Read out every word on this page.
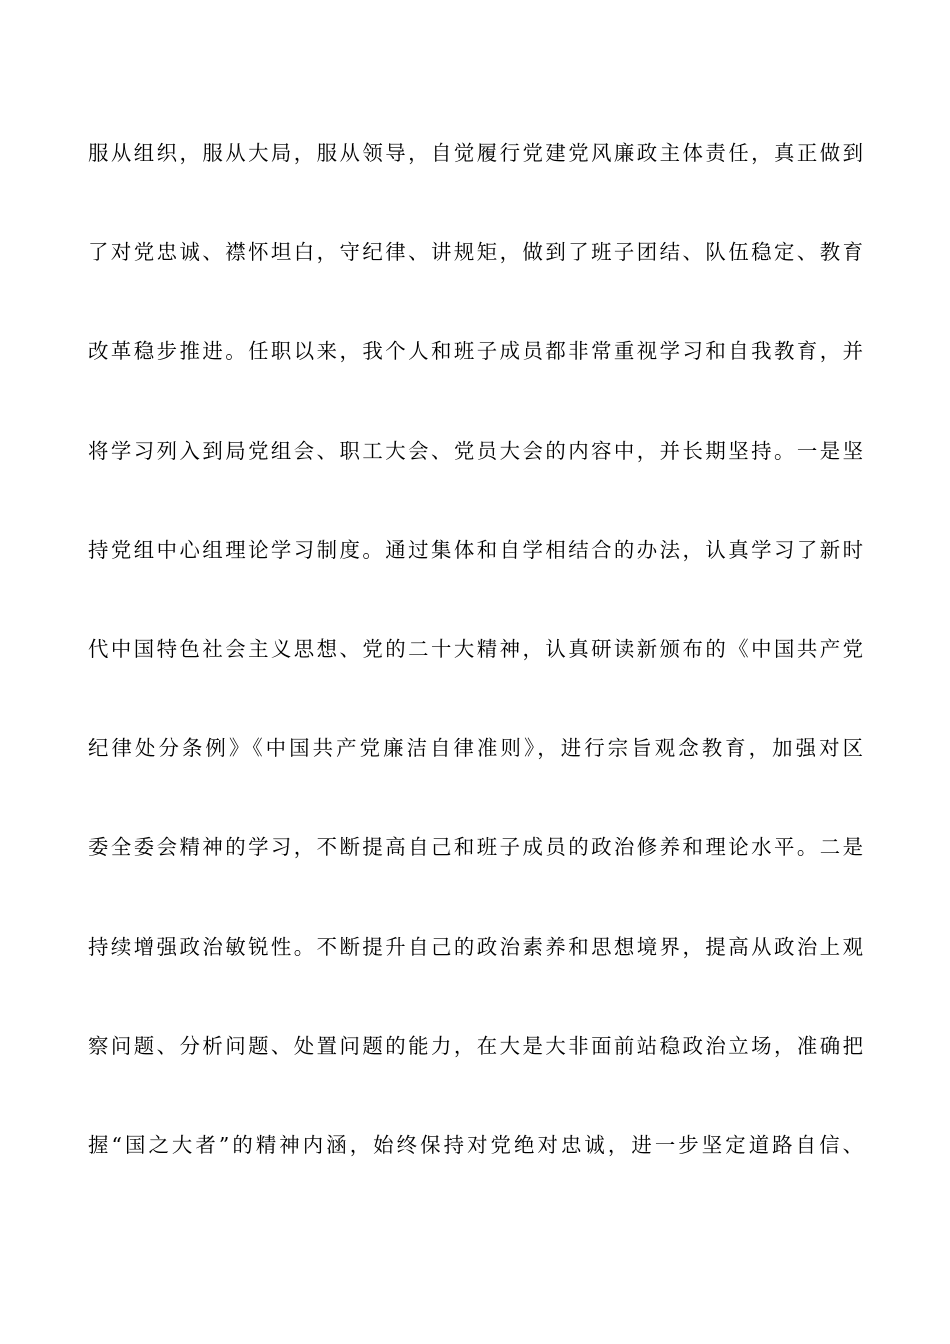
服从组织，服从大局，服从领导，自觉履行党建党风廉政主体责任，真正做到
了对党忠诚、襟怀坦白，守纪律、讲规矩，做到了班子团结、队伍稳定、教育
改革稳步推进。任职以来，我个人和班子成员都非常重视学习和自我教育，并
将学习列入到局党组会、职工大会、党员大会的内容中，并长期坚持。一是坚
持党组中心组理论学习制度。通过集体和自学相结合的办法，认真学习了新时
代中国特色社会主义思想、党的二十大精神，认真研读新颁布的《中国共产党
纪律处分条例》《中国共产党廉洁自律准则》，进行宗旨观念教育，加强对区
委全委会精神的学习，不断提高自己和班子成员的政治修养和理论水平。二是
持续增强政治敏锐性。不断提升自己的政治素养和思想境界，提高从政治上观
察问题、分析问题、处置问题的能力，在大是大非面前站稳政治立场，准确把
握“国之大者”的精神内涵，始终保持对党绝对忠诚，进一步坚定道路自信、
